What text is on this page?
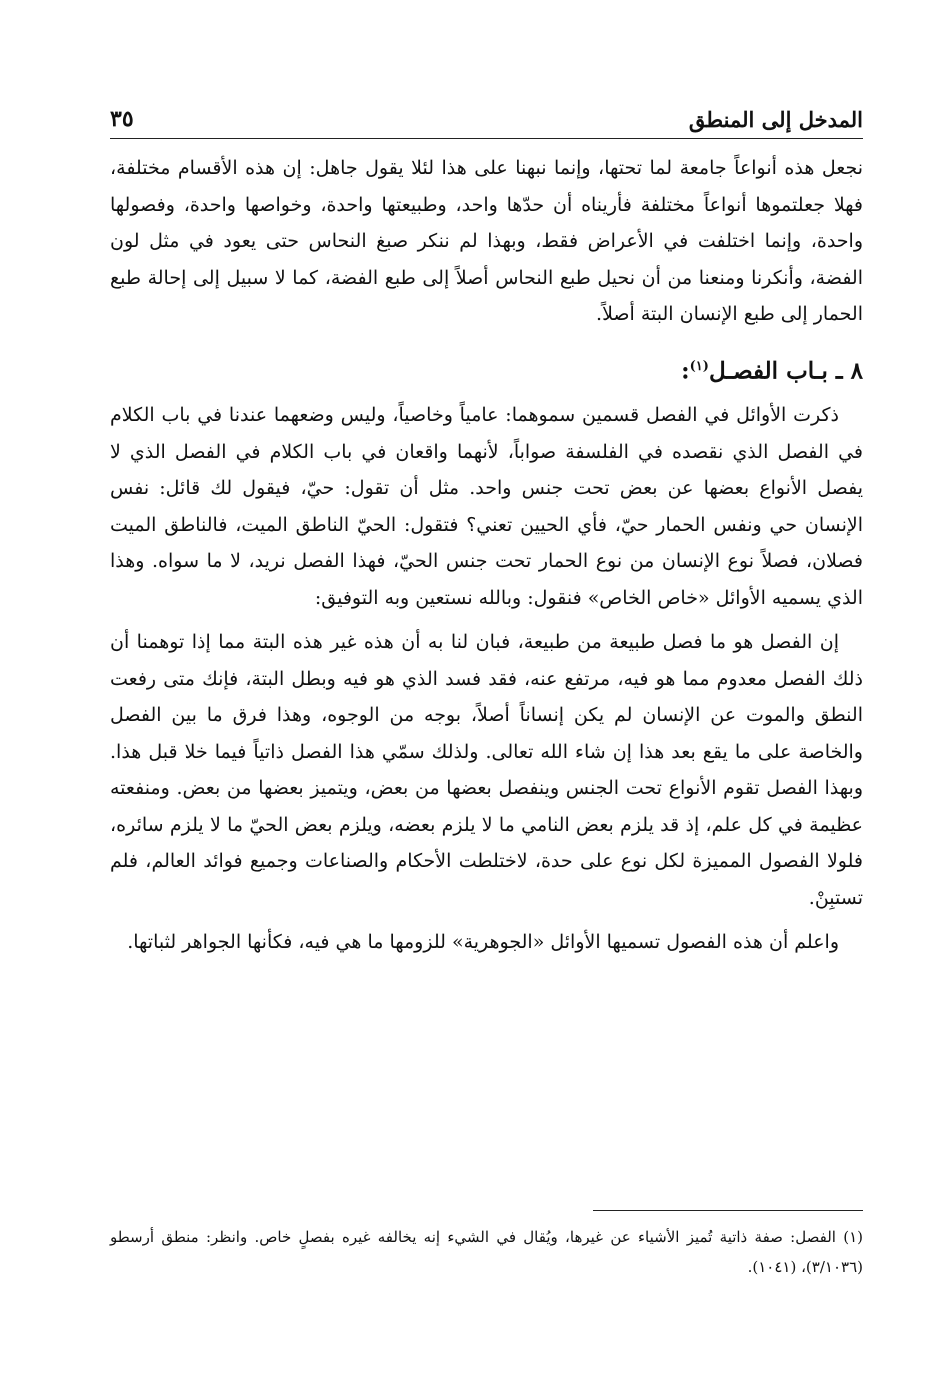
المدخل إلى المنطق
٣٥

نجعل هذه أنواعاً جامعة لما تحتها، وإنما نبهنا على هذا لئلا يقول جاهل: إن هذه الأقسام مختلفة، فهلا جعلتموها أنواعاً مختلفة فأريناه أن حدّها واحد، وطبيعتها واحدة، وخواصها واحدة، وفصولها واحدة، وإنما اختلفت في الأعراض فقط، وبهذا لم ننكر صبغ النحاس حتى يعود في مثل لون الفضة، وأنكرنا ومنعنا من أن نحيل طبع النحاس أصلاً إلى طبع الفضة، كما لا سبيل إلى إحالة طبع الحمار إلى طبع الإنسان البتة أصلاً.

٨ ـ بـاب الفصـل$^{(١)}$:

ذكرت الأوائل في الفصل قسمين سموهما: عامياً وخاصياً، وليس وضعهما عندنا في باب الكلام في الفصل الذي نقصده في الفلسفة صواباً، لأنهما واقعان في باب الكلام في الفصل الذي لا يفصل الأنواع بعضها عن بعض تحت جنس واحد. مثل أن تقول: حيّ، فيقول لك قائل: نفس الإنسان حي ونفس الحمار حيّ، فأي الحيين تعني؟ فتقول: الحيّ الناطق الميت، فالناطق الميت فصلان، فصلاً نوع الإنسان من نوع الحمار تحت جنس الحيّ، فهذا الفصل نريد، لا ما سواه. وهذا الذي يسميه الأوائل «خاص الخاص» فنقول: وبالله نستعين وبه التوفيق:

إن الفصل هو ما فصل طبيعة من طبيعة، فبان لنا به أن هذه غير هذه البتة مما إذا توهمنا أن ذلك الفصل معدوم مما هو فيه، مرتفع عنه، فقد فسد الذي هو فيه وبطل البتة، فإنك متى رفعت النطق والموت عن الإنسان لم يكن إنساناً أصلاً، بوجه من الوجوه، وهذا فرق ما بين الفصل والخاصة على ما يقع بعد هذا إن شاء الله تعالى. ولذلك سمّي هذا الفصل ذاتياً فيما خلا قبل هذا. وبهذا الفصل تقوم الأنواع تحت الجنس وينفصل بعضها من بعض، ويتميز بعضها من بعض. ومنفعته عظيمة في كل علم، إذ قد يلزم بعض النامي ما لا يلزم بعضه، ويلزم بعض الحيّ ما لا يلزم سائره، فلولا الفصول المميزة لكل نوع على حدة، لاختلطت الأحكام والصناعات وجميع فوائد العالم، فلم تستبِنْ.

واعلم أن هذه الفصول تسميها الأوائل «الجوهرية» للزومها ما هي فيه، فكأنها الجواهر لثباتها.

(١) الفصل: صفة ذاتية تُميز الأشياء عن غيرها، ويُقال في الشيء إنه يخالفه غيره بفصلٍ خاص. وانظر: منطق أرسطو (٣/١٠٣٦)، (١٠٤١).
